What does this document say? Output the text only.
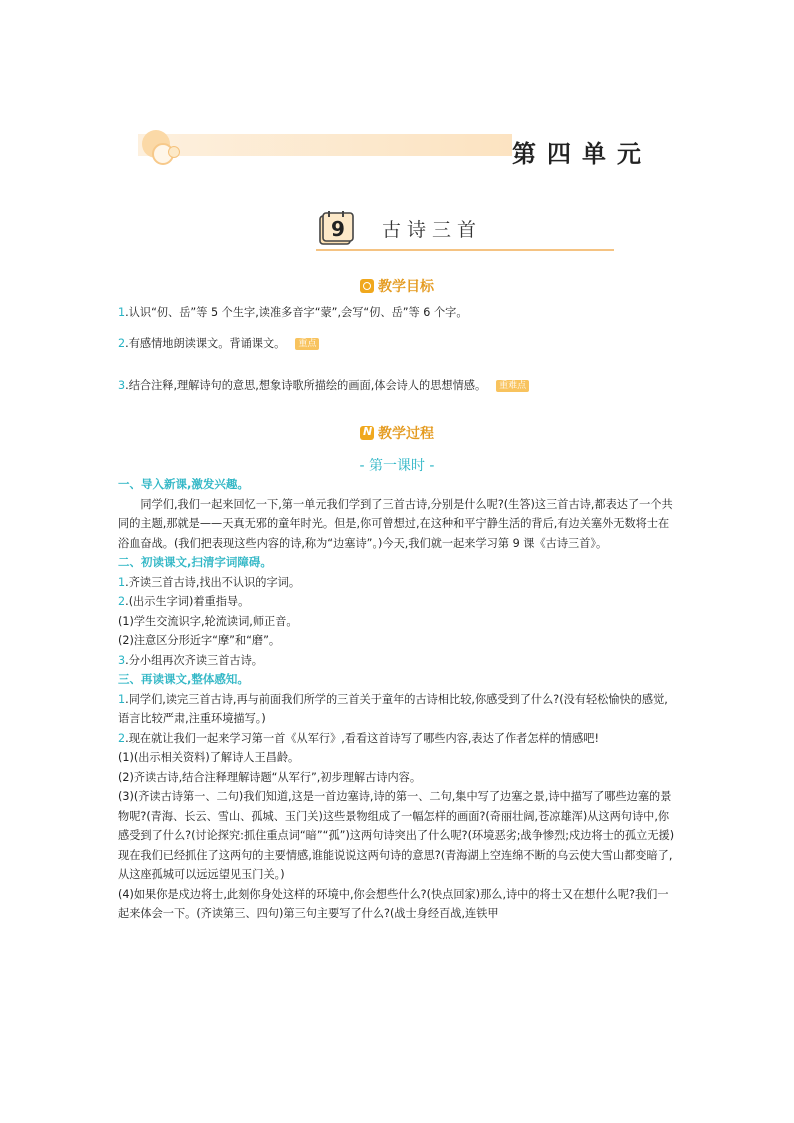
第四单元
9 古诗三首
教学目标
1.认识“仞、岳”等 5 个生字,读准多音字“蒙”,会写“仞、岳”等 6 个字。
2.有感情地朗读课文。背诵课文。 重点
3.结合注释,理解诗句的意思,想象诗歌所描绘的画面,体会诗人的思想情感。 重难点
N教学过程
- 第一课时 -
一、导入新课,激发兴趣。
同学们,我们一起来回忆一下,第一单元我们学到了三首古诗,分别是什么呢?(生答)这三首古诗,都表达了一个共同的主题,那就是——天真无邪的童年时光。但是,你可曾想过,在这种和平宁静生活的背后,有边关塞外无数将士在浴血奋战。(我们把表现这些内容的诗,称为“边塞诗”。)今天,我们就一起来学习第 9 课《古诗三首》。
二、初读课文,扫清字词障碍。
1.齐读三首古诗,找出不认识的字词。
2.(出示生字词)着重指导。
(1)学生交流识字,轮流读词,师正音。
(2)注意区分形近字“摩”和“磨”。
3.分小组再次齐读三首古诗。
三、再读课文,整体感知。
1.同学们,读完三首古诗,再与前面我们所学的三首关于童年的古诗相比较,你感受到了什么?(没有轻松愉快的感觉,语言比较严肃,注重环境描写。)
2.现在就让我们一起来学习第一首《从军行》,看看这首诗写了哪些内容,表达了作者怎样的情感吧!
(1)(出示相关资料)了解诗人王昌龄。
(2)齐读古诗,结合注释理解诗题“从军行”,初步理解古诗内容。
(3)(齐读古诗第一、二句)我们知道,这是一首边塞诗,诗的第一、二句,集中写了边塞之景,诗中描写了哪些边塞的景物呢?(青海、长云、雪山、孤城、玉门关)这些景物组成了一幅怎样的画面?(奇丽壮阔,苍凉雄浑)从这两句诗中,你感受到了什么?(讨论探究:抓住重点词“暗”“孤”)这两句诗突出了什么呢?(环境恶劣;战争惨烈;戍边将士的孤立无援)现在我们已经抓住了这两句的主要情感,谁能说说这两句诗的意思?(青海湖上空连绵不断的乌云使大雪山都变暗了,从这座孤城可以远远望见玉门关。)
(4)如果你是戍边将士,此刻你身处这样的环境中,你会想些什么?(快点回家)那么,诗中的将士又在想什么呢?我们一起来体会一下。(齐读第三、四句)第三句主要写了什么?(战士身经百战,连铁甲
